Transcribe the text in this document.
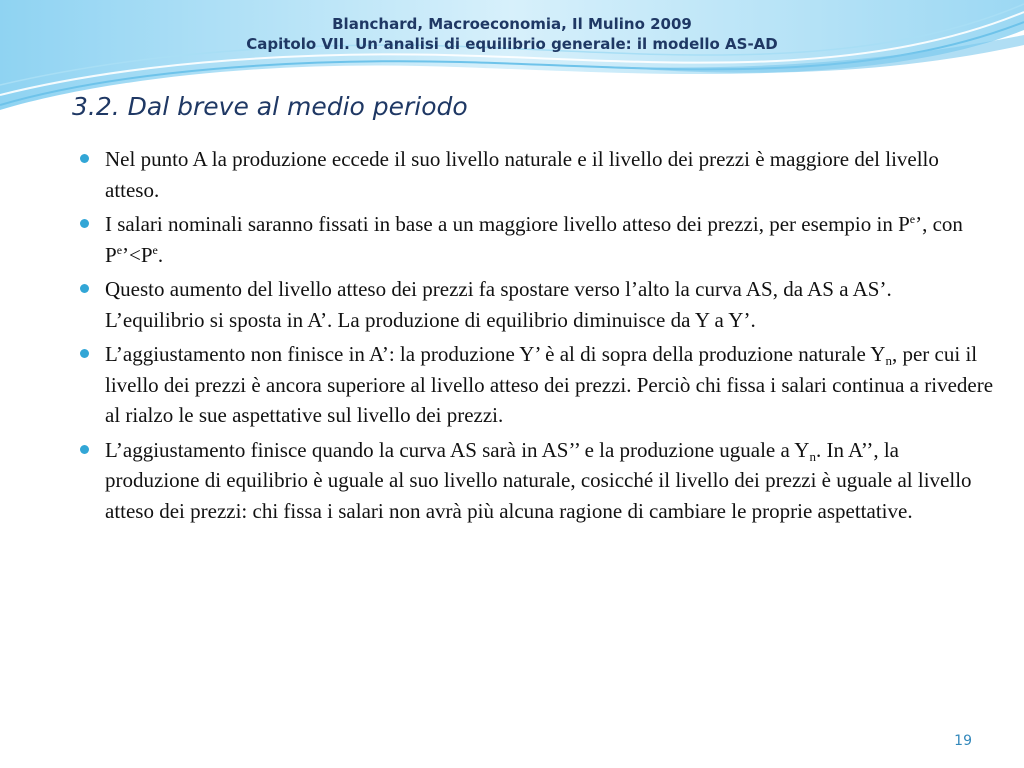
Blanchard, Macroeconomia, Il Mulino 2009
Capitolo VII. Un’analisi di equilibrio generale: il modello AS-AD
3.2. Dal breve al medio periodo
Nel punto A la produzione eccede il suo livello naturale e il livello dei prezzi è maggiore del livello atteso.
I salari nominali saranno fissati in base a un maggiore livello atteso dei prezzi, per esempio in $P^e$’, con $P^e’<P^e$.
Questo aumento del livello atteso dei prezzi fa spostare verso l’alto la curva AS, da AS a AS’. L’equilibrio si sposta in A’. La produzione di equilibrio diminuisce da Y a Y’.
L’aggiustamento non finisce in A’: la produzione Y’ è al di sopra della produzione naturale $Y_n$, per cui il livello dei prezzi è ancora superiore al livello atteso dei prezzi. Perciò chi fissa i salari continua a rivedere al rialzo le sue aspettative sul livello dei prezzi.
L’aggiustamento finisce quando la curva AS sarà in AS’’ e la produzione uguale a $Y_n$. In A’’, la produzione di equilibrio è uguale al suo livello naturale, cosicché il livello dei prezzi è uguale al livello atteso dei prezzi: chi fissa i salari non avrà più alcuna ragione di cambiare le proprie aspettative.
19
